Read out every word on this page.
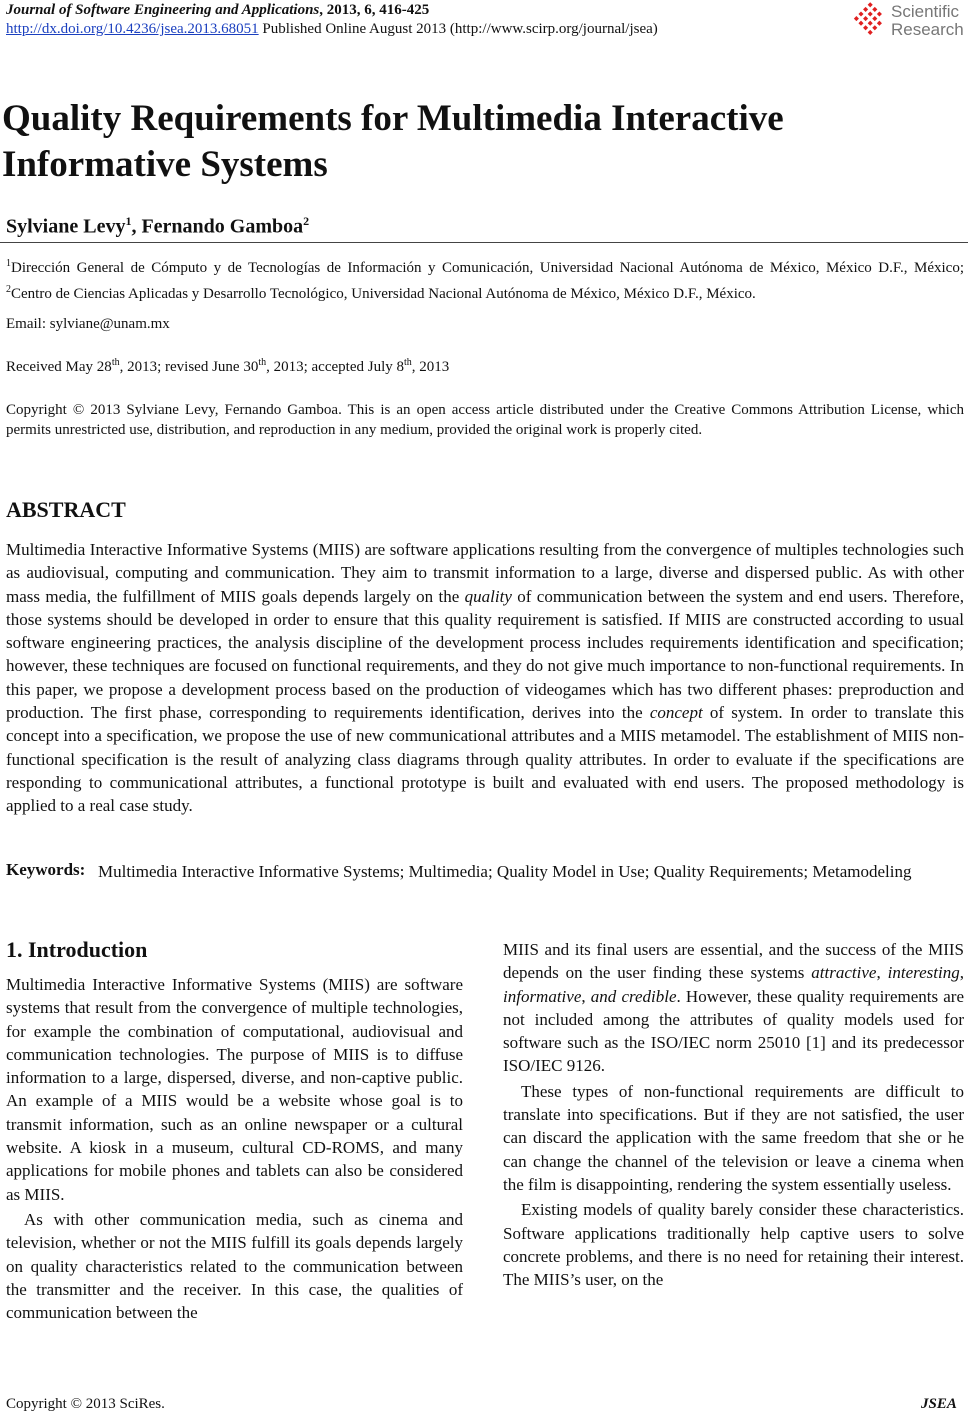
Journal of Software Engineering and Applications, 2013, 6, 416-425
http://dx.doi.org/10.4236/jsea.2013.68051 Published Online August 2013 (http://www.scirp.org/journal/jsea)
Scientific
Research
Quality Requirements for Multimedia Interactive Informative Systems
Sylviane Levy$^1$, Fernando Gamboa$^2$
$^1$Dirección General de Cómputo y de Tecnologías de Información y Comunicación, Universidad Nacional Autónoma de México, México D.F., México; $^2$Centro de Ciencias Aplicadas y Desarrollo Tecnológico, Universidad Nacional Autónoma de México, México D.F., México.
Email: sylviane@unam.mx
Received May 28th, 2013; revised June 30th, 2013; accepted July 8th, 2013
Copyright © 2013 Sylviane Levy, Fernando Gamboa. This is an open access article distributed under the Creative Commons Attribution License, which permits unrestricted use, distribution, and reproduction in any medium, provided the original work is properly cited.
ABSTRACT
Multimedia Interactive Informative Systems (MIIS) are software applications resulting from the convergence of multiples technologies such as audiovisual, computing and communication. They aim to transmit information to a large, diverse and dispersed public. As with other mass media, the fulfillment of MIIS goals depends largely on the quality of communication between the system and end users. Therefore, those systems should be developed in order to ensure that this quality requirement is satisfied. If MIIS are constructed according to usual software engineering practices, the analysis discipline of the development process includes requirements identification and specification; however, these techniques are focused on functional requirements, and they do not give much importance to non-functional requirements. In this paper, we propose a development process based on the production of videogames which has two different phases: preproduction and production. The first phase, corresponding to requirements identification, derives into the concept of system. In order to translate this concept into a specification, we propose the use of new communicational attributes and a MIIS metamodel. The establishment of MIIS non-functional specification is the result of analyzing class diagrams through quality attributes. In order to evaluate if the specifications are responding to communicational attributes, a functional prototype is built and evaluated with end users. The proposed methodology is applied to a real case study.
Keywords: Multimedia Interactive Informative Systems; Multimedia; Quality Model in Use; Quality Requirements; Metamodeling
1. Introduction

Multimedia Interactive Informative Systems (MIIS) are software systems that result from the convergence of multiple technologies, for example the combination of computational, audiovisual and communication technologies. The purpose of MIIS is to diffuse information to a large, dispersed, diverse, and non-captive public. An example of a MIIS would be a website whose goal is to transmit information, such as an online newspaper or a cultural website. A kiosk in a museum, cultural CD-ROMS, and many applications for mobile phones and tablets can also be considered as MIIS.

As with other communication media, such as cinema and television, whether or not the MIIS fulfill its goals depends largely on quality characteristics related to the communication between the transmitter and the receiver. In this case, the qualities of communication between the

MIIS and its final users are essential, and the success of the MIIS depends on the user finding these systems attractive, interesting, informative, and credible. However, these quality requirements are not included among the attributes of quality models used for software such as the ISO/IEC norm 25010 [1] and its predecessor ISO/IEC 9126.

These types of non-functional requirements are difficult to translate into specifications. But if they are not satisfied, the user can discard the application with the same freedom that she or he can change the channel of the television or leave a cinema when the film is disappointing, rendering the system essentially useless.

Existing models of quality barely consider these characteristics. Software applications traditionally help captive users to solve concrete problems, and there is no need for retaining their interest. The MIIS’s user, on the

Copyright © 2013 SciRes.	JSEA
